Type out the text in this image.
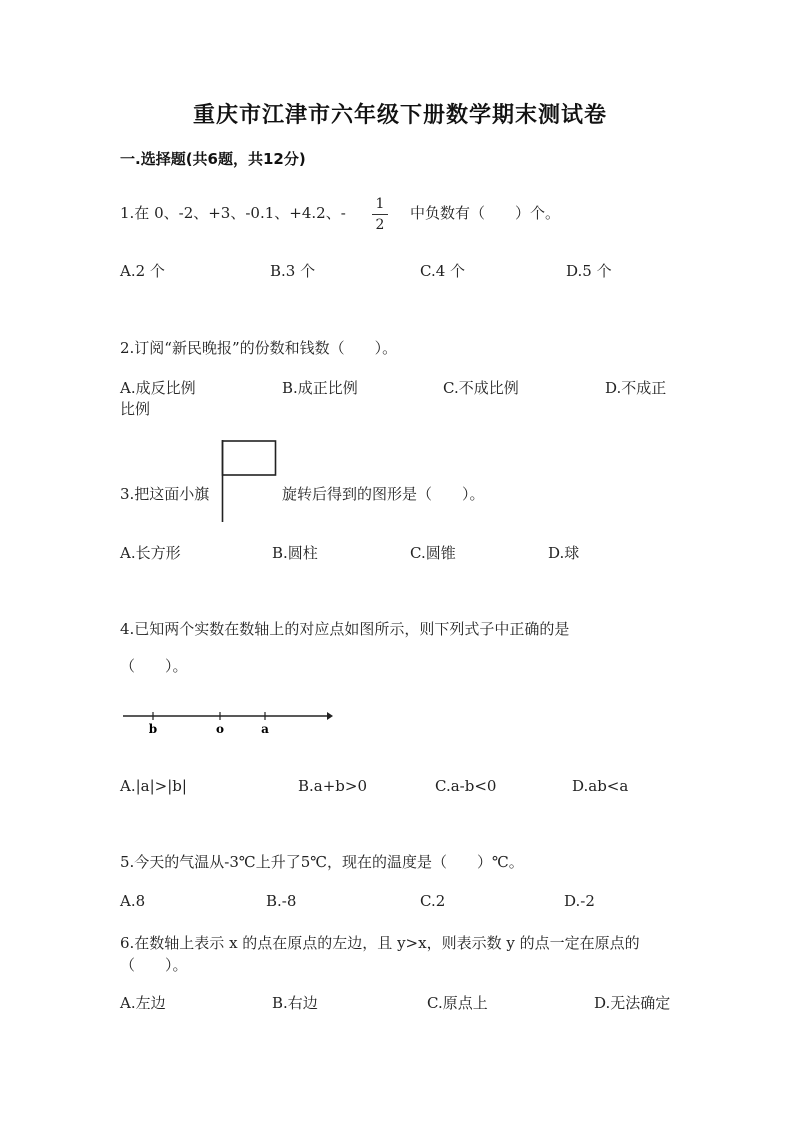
重庆市江津市六年级下册数学期末测试卷
一.选择题(共6题，共12分)
1.在 0、-2、+3、-0.1、+4.2、- 1
2
中负数有（　　）个。
A.2 个	B.3 个	C.4 个	D.5 个
2.订阅“新民晚报”的份数和钱数（　　）。
A.成反比例	B.成正比例	C.不成比例	D.不成正
比例
3.把这面小旗	旋转后得到的图形是（　　）。
A.长方形	B.圆柱	C.圆锥	D.球
4.已知两个实数在数轴上的对应点如图所示，则下列式子中正确的是
（　　）。
b	o	a
A.|a|>|b|	B.a+b>0	C.a-b<0	D.ab<a
5.今天的气温从-3℃上升了5℃，现在的温度是（　　）℃。
A.8	B.-8	C.2	D.-2
6.在数轴上表示 x 的点在原点的左边，且 y>x，则表示数 y 的点一定在原点的
（　　）。
A.左边	B.右边	C.原点上	D.无法确定
